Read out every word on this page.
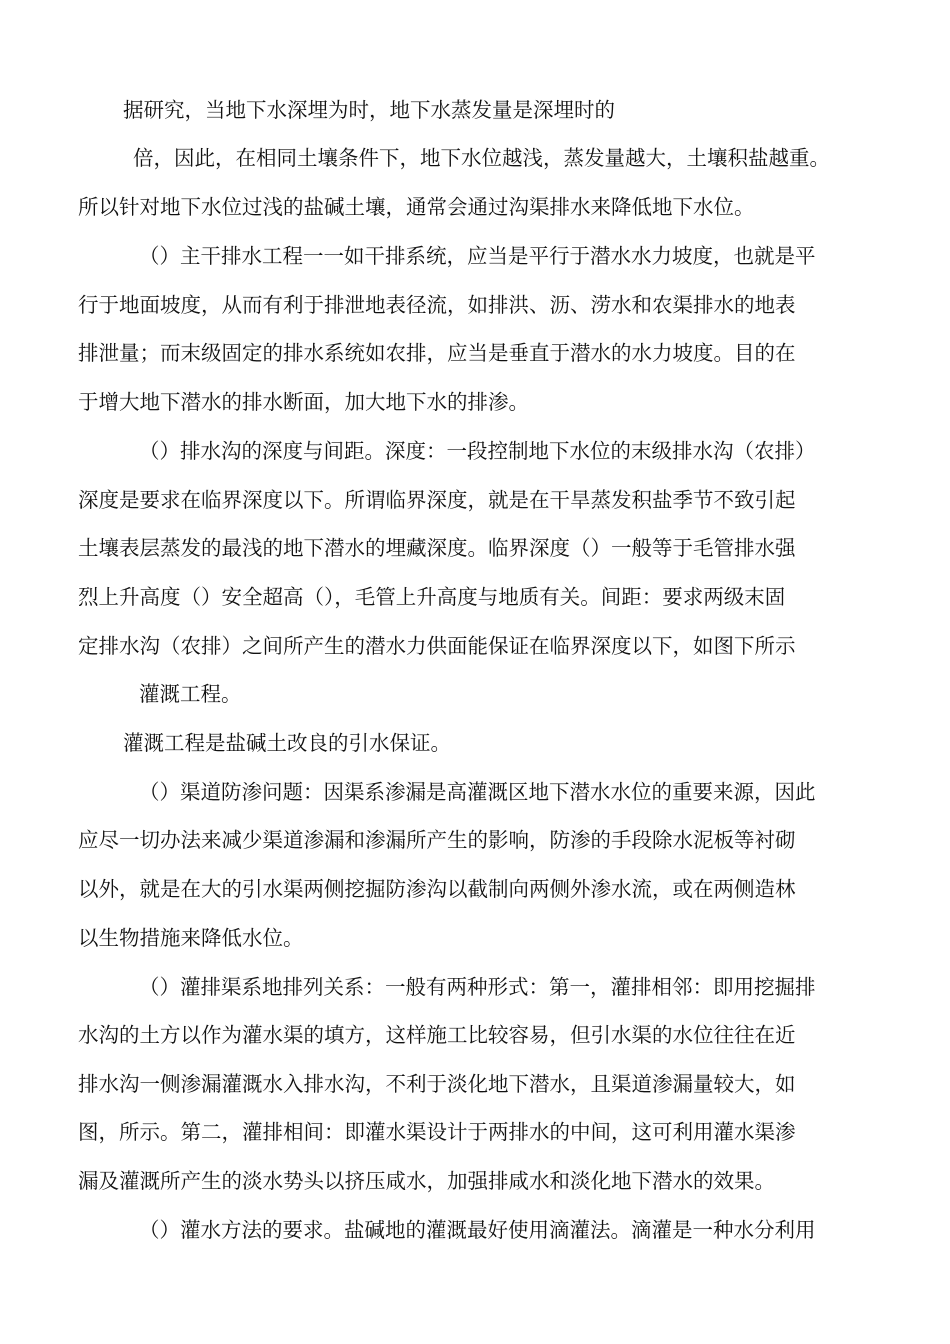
据研究，当地下水深埋为时，地下水蒸发量是深埋时的
倍，因此，在相同土壤条件下，地下水位越浅，蒸发量越大，土壤积盐越重。
所以针对地下水位过浅的盐碱土壤，通常会通过沟渠排水来降低地下水位。
（）主干排水工程一一如干排系统，应当是平行于潜水水力坡度，也就是平
行于地面坡度，从而有利于排泄地表径流，如排洪、沥、涝水和农渠排水的地表
排泄量；而末级固定的排水系统如农排，应当是垂直于潜水的水力坡度。目的在
于增大地下潜水的排水断面，加大地下水的排渗。
（）排水沟的深度与间距。深度：一段控制地下水位的末级排水沟（农排）
深度是要求在临界深度以下。所谓临界深度，就是在干旱蒸发积盐季节不致引起
土壤表层蒸发的最浅的地下潜水的埋藏深度。临界深度（）一般等于毛管排水强
烈上升高度（）安全超高（），毛管上升高度与地质有关。间距：要求两级末固
定排水沟（农排）之间所产生的潜水力供面能保证在临界深度以下，如图下所示
灌溉工程。
灌溉工程是盐碱土改良的引水保证。
（）渠道防渗问题：因渠系渗漏是高灌溉区地下潜水水位的重要来源，因此
应尽一切办法来减少渠道渗漏和渗漏所产生的影响，防渗的手段除水泥板等衬砌
以外，就是在大的引水渠两侧挖掘防渗沟以截制向两侧外渗水流，或在两侧造林
以生物措施来降低水位。
（）灌排渠系地排列关系：一般有两种形式：第一，灌排相邻：即用挖掘排
水沟的土方以作为灌水渠的填方，这样施工比较容易，但引水渠的水位往往在近
排水沟一侧渗漏灌溉水入排水沟，不利于淡化地下潜水，且渠道渗漏量较大，如
图，所示。第二，灌排相间：即灌水渠设计于两排水的中间，这可利用灌水渠渗
漏及灌溉所产生的淡水势头以挤压咸水，加强排咸水和淡化地下潜水的效果。
（）灌水方法的要求。盐碱地的灌溉最好使用滴灌法。滴灌是一种水分利用
